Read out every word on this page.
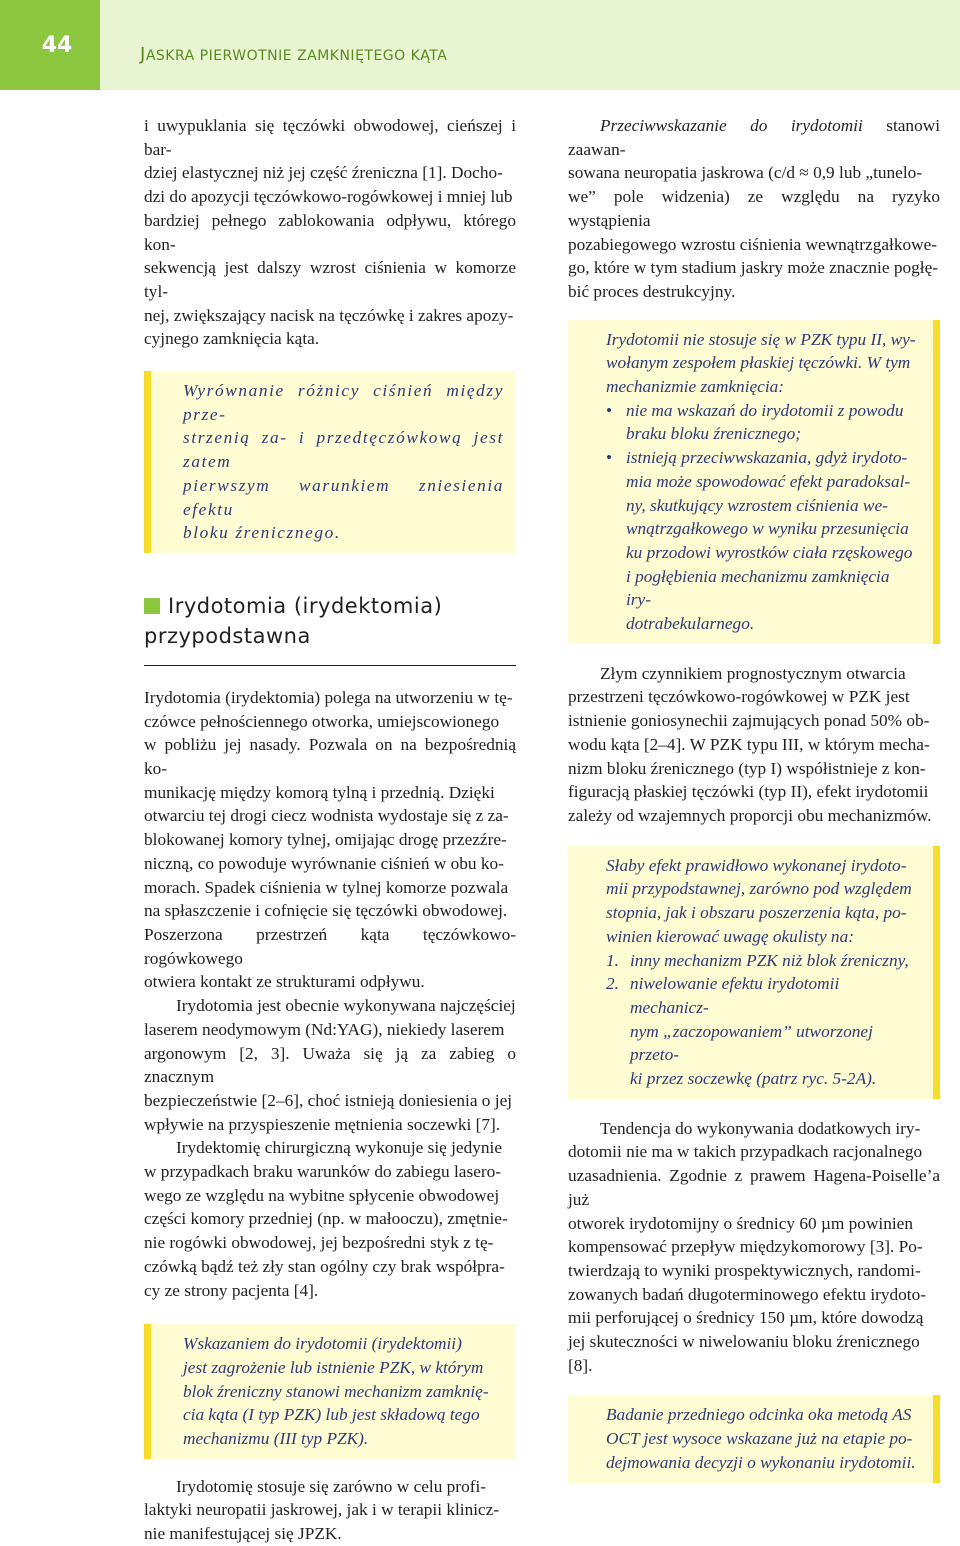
44	JASKRA PIERWOTNIE ZAMKNIĘTEGO KĄTA
i uwypuklania się tęczówki obwodowej, cieńszej i bar-
dziej elastycznej niż jej część źreniczna [1]. Docho-
dzi do apozycji tęczówkowo-rogówkowej i mniej lub
bardziej pełnego zablokowania odpływu, którego kon-
sekwencją jest dalszy wzrost ciśnienia w komorze tyl-
nej, zwiększający nacisk na tęczówkę i zakres apozy-
cyjnego zamknięcia kąta.
Wyrównanie różnicy ciśnień między prze-
strzenią za- i przedtęczówkową jest zatem
pierwszym warunkiem zniesienia efektu
bloku źrenicznego.
Irydotomia (irydektomia)
przypodstawna
Irydotomia (irydektomia) polega na utworzeniu w tę-
czówce pełnościennego otworka, umiejscowionego
w pobliżu jej nasady. Pozwala on na bezpośrednią ko-
munikację między komorą tylną i przednią. Dzięki
otwarciu tej drogi ciecz wodnista wydostaje się z za-
blokowanej komory tylnej, omijając drogę przezźre-
niczną, co powoduje wyrównanie ciśnień w obu ko-
morach. Spadek ciśnienia w tylnej komorze pozwala
na spłaszczenie i cofnięcie się tęczówki obwodowej.
Poszerzona przestrzeń kąta tęczówkowo-rogówkowego
otwiera kontakt ze strukturami odpływu.
Irydotomia jest obecnie wykonywana najczęściej
laserem neodymowym (Nd:YAG), niekiedy laserem
argonowym [2, 3]. Uważa się ją za zabieg o znacznym
bezpieczeństwie [2–6], choć istnieją doniesienia o jej
wpływie na przyspieszenie mętnienia soczewki [7].
Irydektomię chirurgiczną wykonuje się jedynie
w przypadkach braku warunków do zabiegu lasero-
wego ze względu na wybitne spłycenie obwodowej
części komory przedniej (np. w małooczu), zmętnie-
nie rogówki obwodowej, jej bezpośredni styk z tę-
czówką bądź też zły stan ogólny czy brak współpra-
cy ze strony pacjenta [4].
Wskazaniem do irydotomii (irydektomii)
jest zagrożenie lub istnienie PZK, w którym
blok źreniczny stanowi mechanizm zamknię-
cia kąta (I typ PZK) lub jest składową tego
mechanizmu (III typ PZK).
Irydotomię stosuje się zarówno w celu profi-
laktyki neuropatii jaskrowej, jak i w terapii klinicz-
nie manifestującej się JPZK.
Przeciwwskazanie do irydotomii stanowi zaawan-
sowana neuropatia jaskrowa (c/d ≈ 0,9 lub „tunelo-
we” pole widzenia) ze względu na ryzyko wystąpienia
pozabiegowego wzrostu ciśnienia wewnątrzgałkowe-
go, które w tym stadium jaskry może znacznie pogłę-
bić proces destrukcyjny.
Irydotomii nie stosuje się w PZK typu II, wy-
wołanym zespołem płaskiej tęczówki. W tym
mechanizmie zamknięcia:
• nie ma wskazań do irydotomii z powodu
braku bloku źrenicznego;
• istnieją przeciwwskazania, gdyż irydoto-
mia może spowodować efekt paradoksal-
ny, skutkujący wzrostem ciśnienia we-
wnątrzgałkowego w wyniku przesunięcia
ku przodowi wyrostków ciała rzęskowego
i pogłębienia mechanizmu zamknięcia iry-
dotrabekularnego.
Złym czynnikiem prognostycznym otwarcia
przestrzeni tęczówkowo-rogówkowej w PZK jest
istnienie goniosynechii zajmujących ponad 50% ob-
wodu kąta [2–4]. W PZK typu III, w którym mecha-
nizm bloku źrenicznego (typ I) współistnieje z kon-
figuracją płaskiej tęczówki (typ II), efekt irydotomii
zależy od wzajemnych proporcji obu mechanizmów.
Słaby efekt prawidłowo wykonanej irydoto-
mii przypodstawnej, zarówno pod względem
stopnia, jak i obszaru poszerzenia kąta, po-
winien kierować uwagę okulisty na:
1. inny mechanizm PZK niż blok źreniczny,
2. niwelowanie efektu irydotomii mechanicz-
nym „zaczopowaniem” utworzonej przeto-
ki przez soczewkę (patrz ryc. 5-2A).
Tendencja do wykonywania dodatkowych iry-
dotomii nie ma w takich przypadkach racjonalnego
uzasadnienia. Zgodnie z prawem Hagena-Poiselle’a już
otworek irydotomijny o średnicy 60 µm powinien
kompensować przepływ międzykomorowy [3]. Po-
twierdzają to wyniki prospektywicznych, randomi-
zowanych badań długoterminowego efektu irydoto-
mii perforującej o średnicy 150 µm, które dowodzą
jej skuteczności w niwelowaniu bloku źrenicznego [8].
Badanie przedniego odcinka oka metodą AS
OCT jest wysoce wskazane już na etapie po-
dejmowania decyzji o wykonaniu irydotomii.
